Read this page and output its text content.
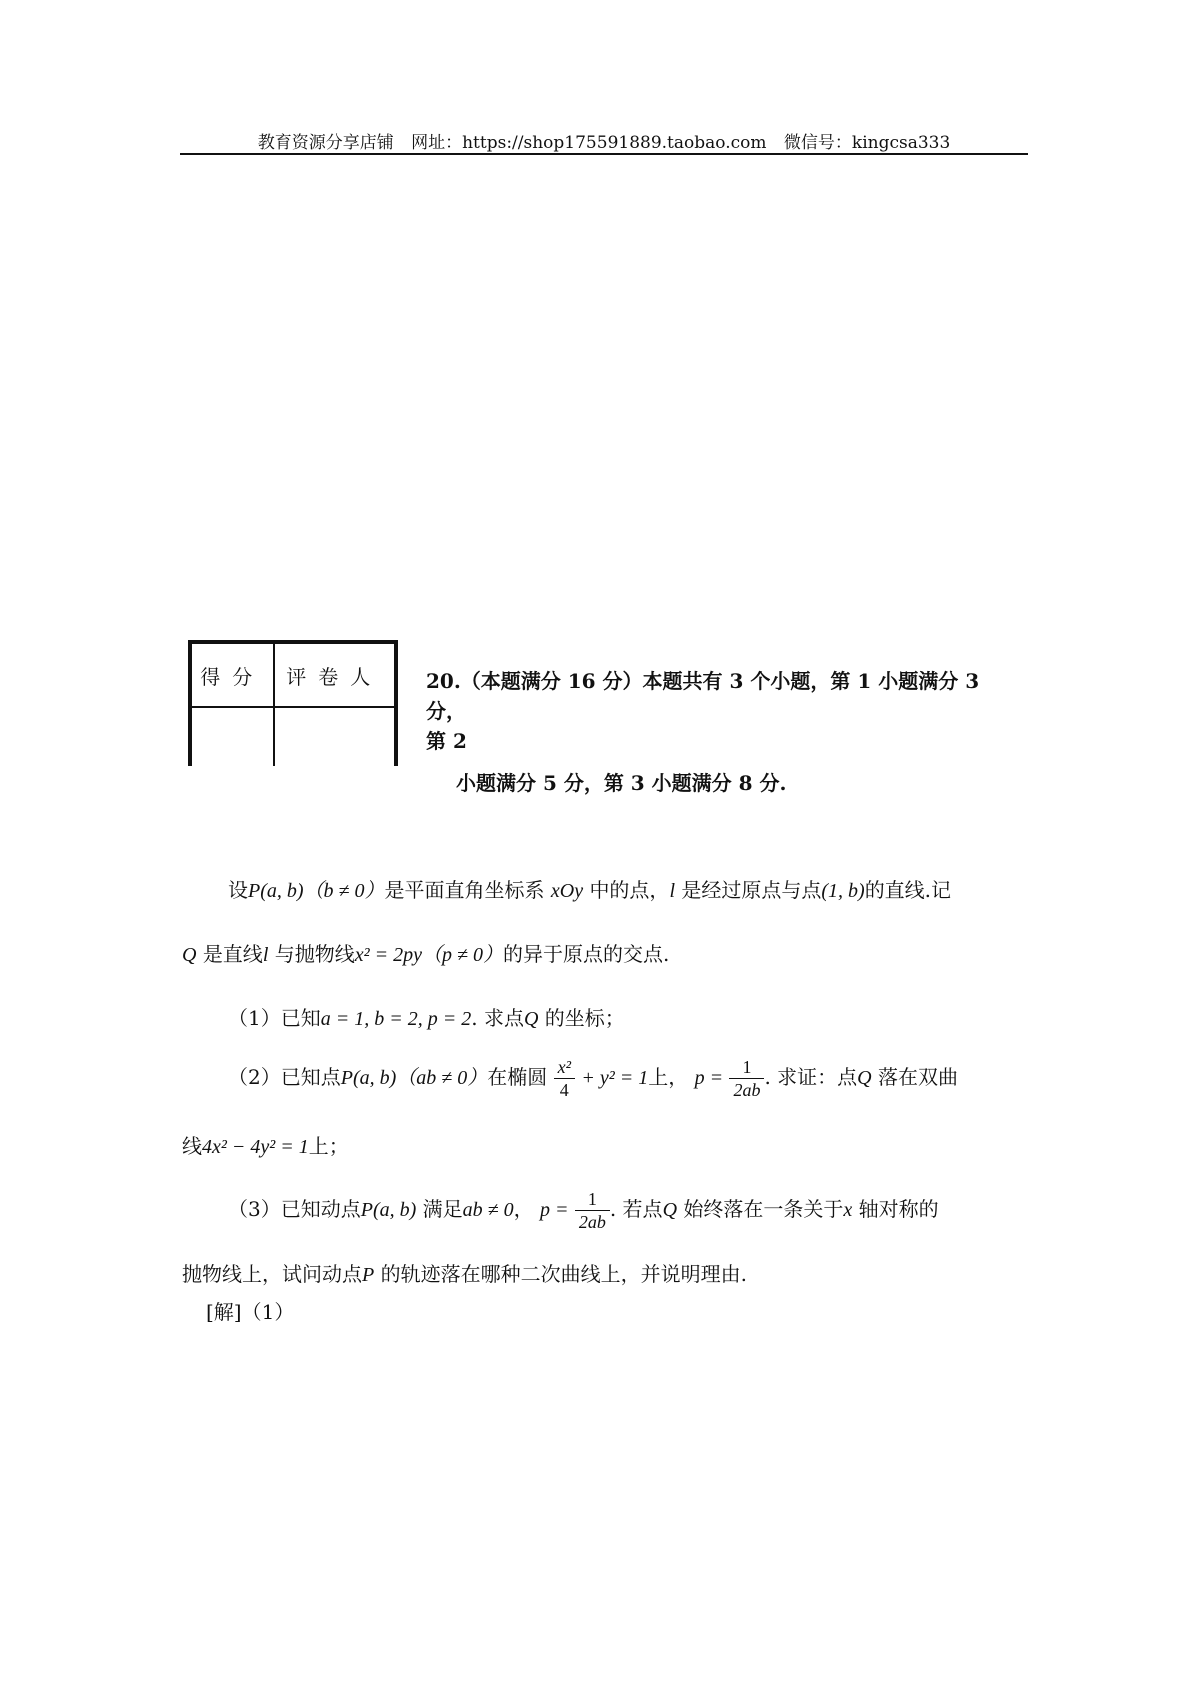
教育资源分享店铺 网址：https://shop175591889.taobao.com 微信号：kingcsa333
得分	评卷人
	20.（本题满分 16 分）本题共有 3 个小题，第 1 小题满分 3 分，
第 2
小题满分 5 分，第 3 小题满分 8 分.
设P(a, b)（b ≠ 0）是平面直角坐标系 xOy 中的点，l 是经过原点与点(1, b)的直线.记
Q 是直线l 与抛物线x² = 2py（p ≠ 0）的异于原点的交点.
（1）已知a = 1, b = 2, p = 2. 求点Q 的坐标；
（2）已知点P(a, b)（ab ≠ 0）在椭圆 $\frac{\text{x²}}{4} + y^2 = 1$上， $p = \frac{1}{2ab}$ . 求证：点Q 落在双曲
线4x² − 4y² = 1上；
（3）已知动点P(a, b) 满足ab ≠ 0， $p = \frac{1}{2ab}$ . 若点Q 始终落在一条关于x 轴对称的
抛物线上，试问动点P 的轨迹落在哪种二次曲线上，并说明理由.
[解]（1）
